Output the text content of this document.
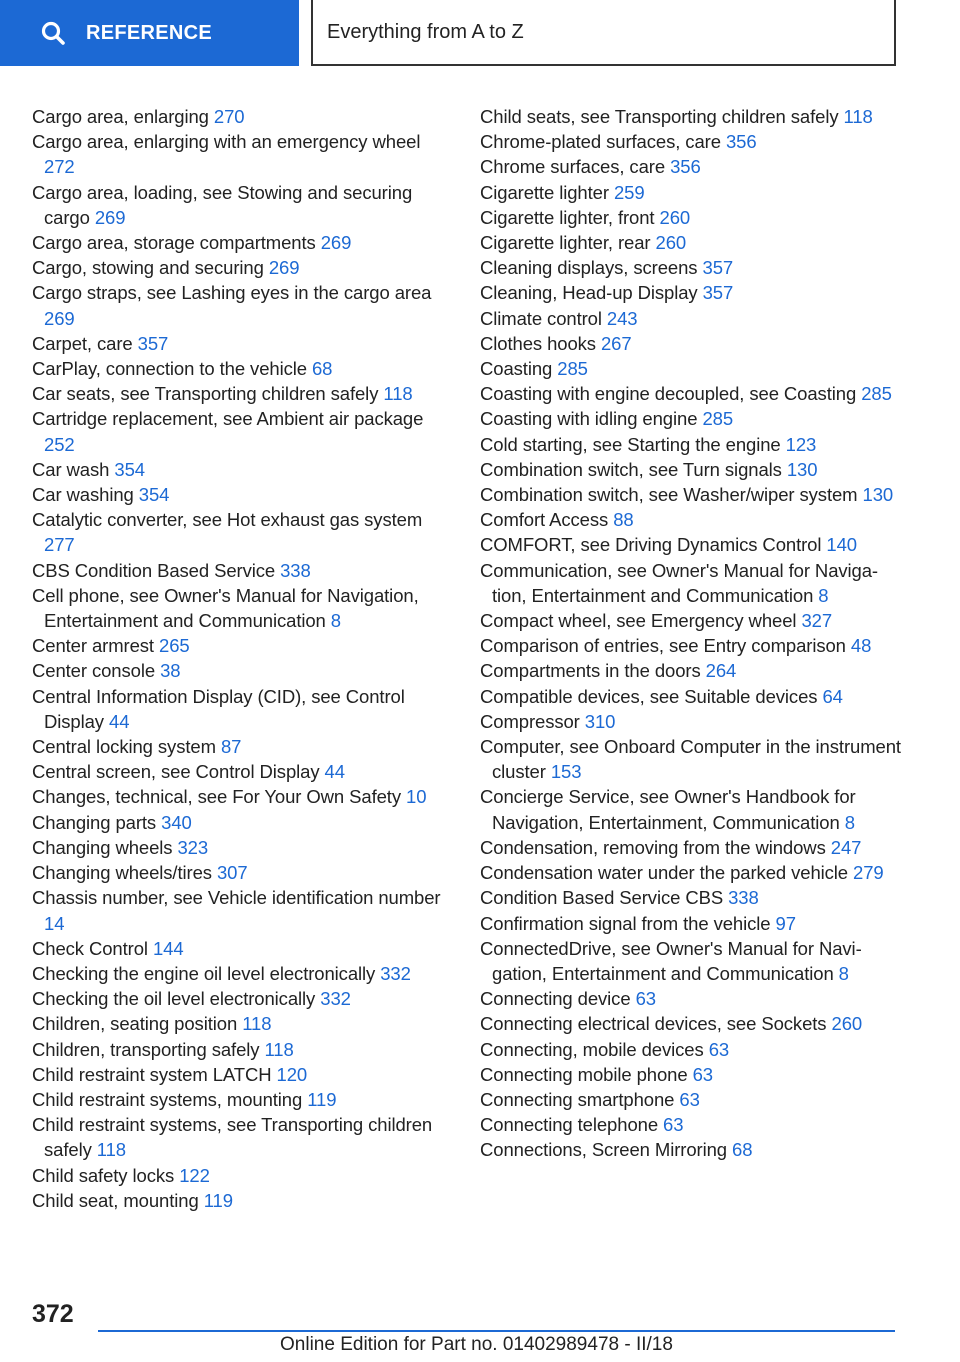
REFERENCE	Everything from A to Z
Cargo area, enlarging 270
Cargo area, enlarging with an emergency wheel 272
Cargo area, loading, see Stowing and securing cargo 269
Cargo area, storage compartments 269
Cargo, stowing and securing 269
Cargo straps, see Lashing eyes in the cargo area 269
Carpet, care 357
CarPlay, connection to the vehicle 68
Car seats, see Transporting children safely 118
Cartridge replacement, see Ambient air package 252
Car wash 354
Car washing 354
Catalytic converter, see Hot exhaust gas system 277
CBS Condition Based Service 338
Cell phone, see Owner's Manual for Navigation, Entertainment and Communication 8
Center armrest 265
Center console 38
Central Information Display (CID), see Control Display 44
Central locking system 87
Central screen, see Control Display 44
Changes, technical, see For Your Own Safety 10
Changing parts 340
Changing wheels 323
Changing wheels/tires 307
Chassis number, see Vehicle identification number 14
Check Control 144
Checking the engine oil level electronically 332
Checking the oil level electronically 332
Children, seating position 118
Children, transporting safely 118
Child restraint system LATCH 120
Child restraint systems, mounting 119
Child restraint systems, see Transporting children safely 118
Child safety locks 122
Child seat, mounting 119
Child seats, see Transporting children safely 118
Chrome-plated surfaces, care 356
Chrome surfaces, care 356
Cigarette lighter 259
Cigarette lighter, front 260
Cigarette lighter, rear 260
Cleaning displays, screens 357
Cleaning, Head-up Display 357
Climate control 243
Clothes hooks 267
Coasting 285
Coasting with engine decoupled, see Coasting 285
Coasting with idling engine 285
Cold starting, see Starting the engine 123
Combination switch, see Turn signals 130
Combination switch, see Washer/wiper system 130
Comfort Access 88
COMFORT, see Driving Dynamics Control 140
Communication, see Owner's Manual for Navigation, Entertainment and Communication 8
Compact wheel, see Emergency wheel 327
Comparison of entries, see Entry comparison 48
Compartments in the doors 264
Compatible devices, see Suitable devices 64
Compressor 310
Computer, see Onboard Computer in the instrument cluster 153
Concierge Service, see Owner's Handbook for Navigation, Entertainment, Communication 8
Condensation, removing from the windows 247
Condensation water under the parked vehicle 279
Condition Based Service CBS 338
Confirmation signal from the vehicle 97
ConnectedDrive, see Owner's Manual for Navigation, Entertainment and Communication 8
Connecting device 63
Connecting electrical devices, see Sockets 260
Connecting, mobile devices 63
Connecting mobile phone 63
Connecting smartphone 63
Connecting telephone 63
Connections, Screen Mirroring 68
372
Online Edition for Part no. 01402989478 - II/18
